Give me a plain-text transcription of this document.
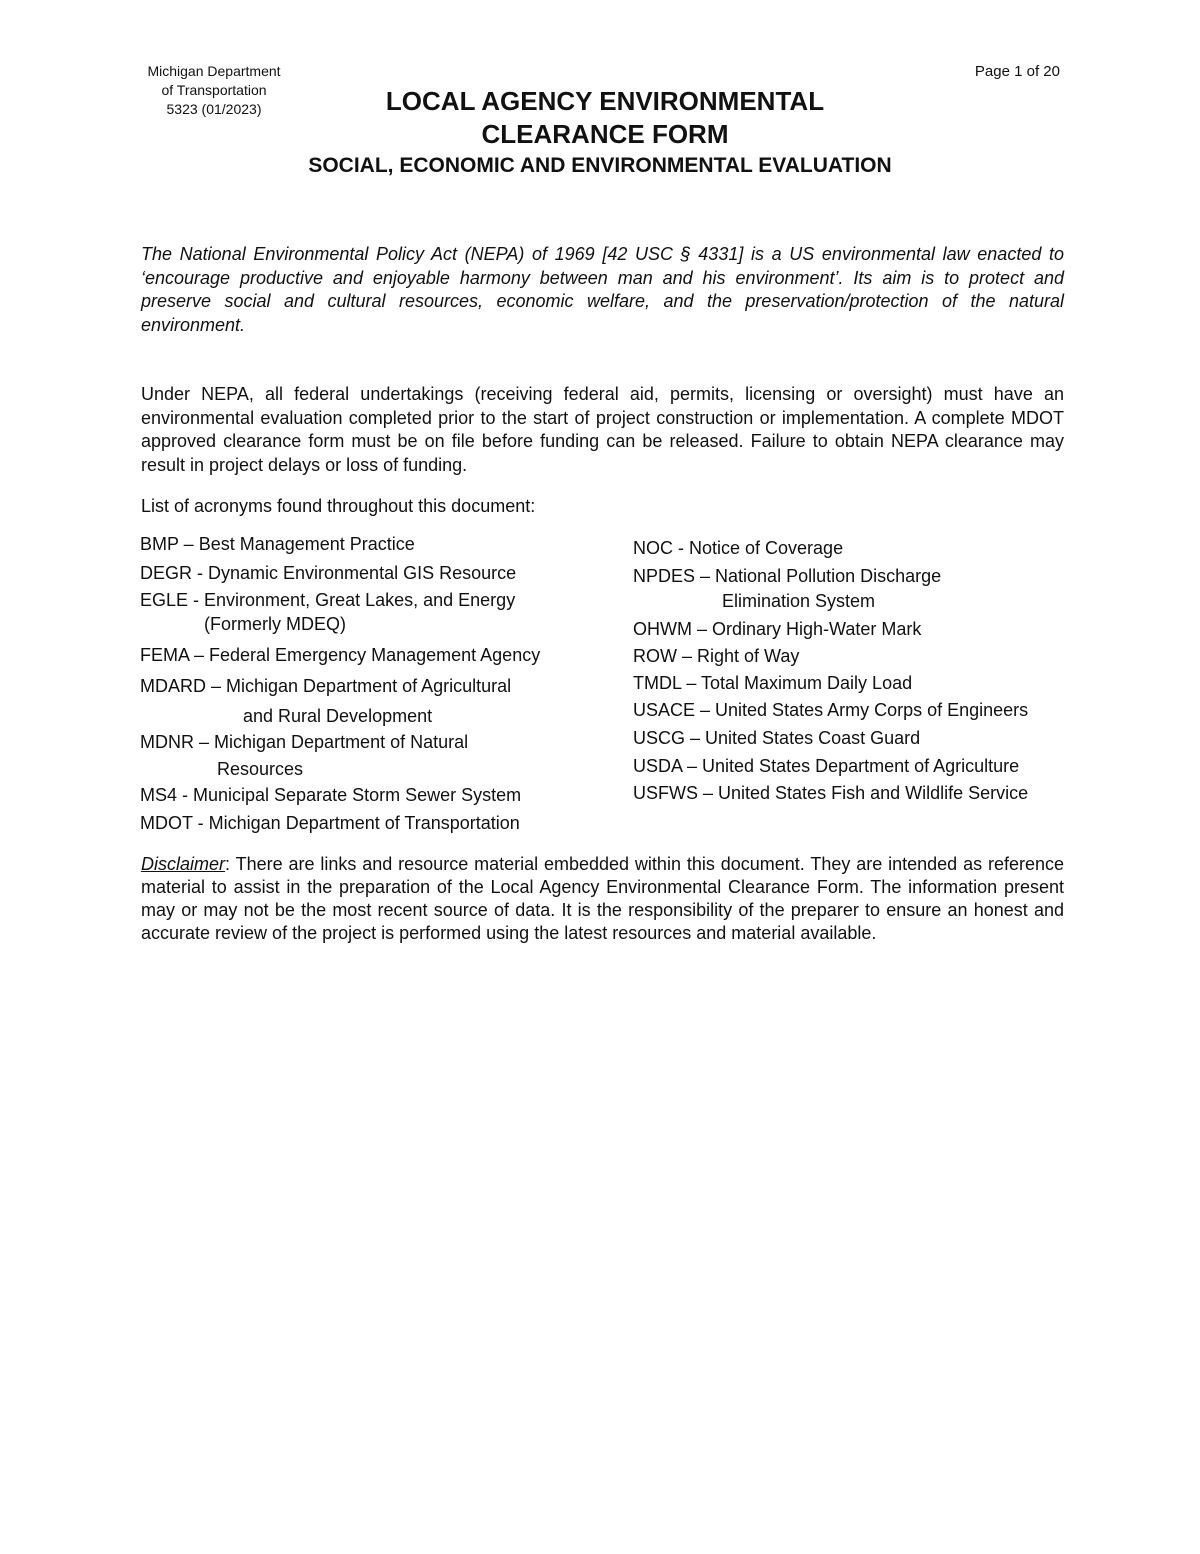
Michigan Department
of Transportation
5323 (01/2023)
Page 1 of 20
LOCAL AGENCY ENVIRONMENTAL
CLEARANCE FORM
SOCIAL, ECONOMIC AND ENVIRONMENTAL EVALUATION

The National Environmental Policy Act (NEPA) of 1969 [42 USC § 4331] is a US environmental law enacted to ‘encourage productive and enjoyable harmony between man and his environment’. Its aim is to protect and preserve social and cultural resources, economic welfare, and the preservation/protection of the natural environment.

Under NEPA, all federal undertakings (receiving federal aid, permits, licensing or oversight) must have an environmental evaluation completed prior to the start of project construction or implementation. A complete MDOT approved clearance form must be on file before funding can be released. Failure to obtain NEPA clearance may result in project delays or loss of funding.

List of acronyms found throughout this document:

BMP – Best Management Practice
DEGR - Dynamic Environmental GIS Resource
EGLE - Environment, Great Lakes, and Energy
(Formerly MDEQ)
FEMA – Federal Emergency Management Agency
MDARD – Michigan Department of Agricultural
and Rural Development
MDNR – Michigan Department of Natural
Resources
MS4 - Municipal Separate Storm Sewer System
MDOT - Michigan Department of Transportation
NOC - Notice of Coverage
NPDES – National Pollution Discharge
Elimination System
OHWM – Ordinary High-Water Mark
ROW – Right of Way
TMDL – Total Maximum Daily Load
USACE – United States Army Corps of Engineers
USCG – United States Coast Guard
USDA – United States Department of Agriculture
USFWS – United States Fish and Wildlife Service

Disclaimer: There are links and resource material embedded within this document. They are intended as reference material to assist in the preparation of the Local Agency Environmental Clearance Form. The information present may or may not be the most recent source of data. It is the responsibility of the preparer to ensure an honest and accurate review of the project is performed using the latest resources and material available.
